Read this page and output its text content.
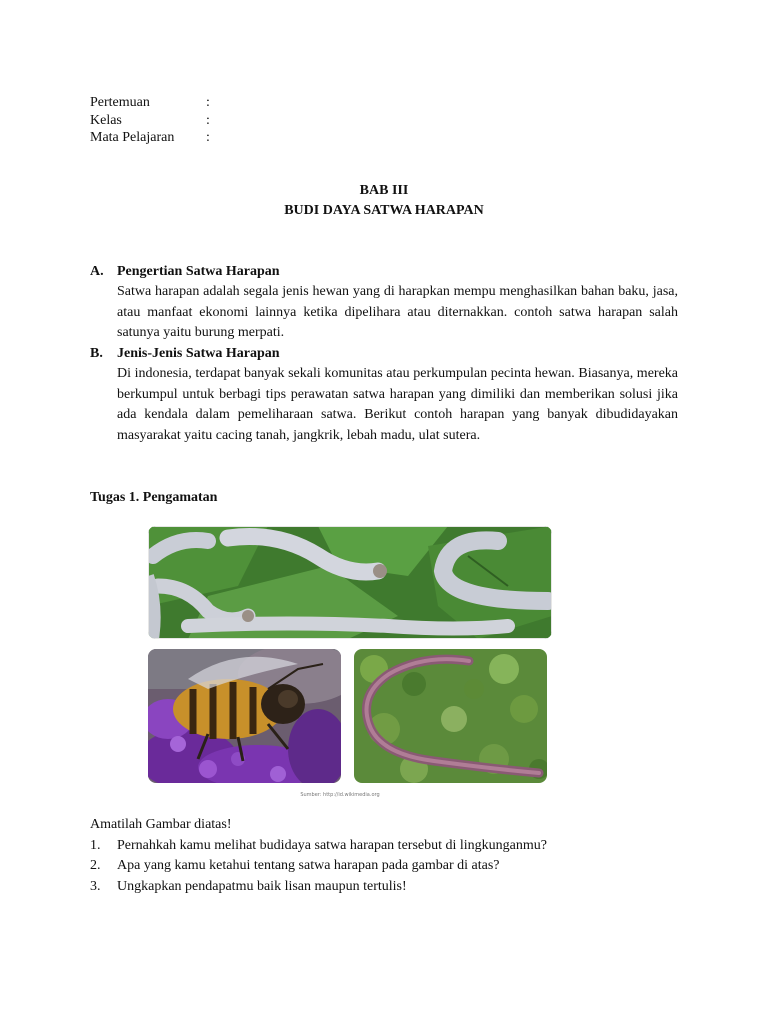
Pertemuan	:
Kelas	:
Mata Pelajaran	:
BAB III
BUDI DAYA SATWA HARAPAN
A. Pengertian Satwa Harapan
Satwa harapan adalah segala jenis hewan yang di harapkan mempu menghasilkan bahan baku, jasa, atau manfaat ekonomi lainnya ketika dipelihara atau diternakkan. contoh satwa harapan salah satunya yaitu burung merpati.
B.	Jenis-Jenis Satwa Harapan
Di indonesia, terdapat banyak sekali komunitas atau perkumpulan pecinta hewan. Biasanya, mereka berkumpul untuk berbagi tips perawatan satwa harapan yang dimiliki dan memberikan solusi jika ada kendala dalam pemeliharaan satwa. Berikut contoh harapan yang banyak dibudidayakan masyarakat yaitu cacing tanah, jangkrik, lebah madu, ulat sutera.
Tugas 1. Pengamatan
Sumber: http://id.wikimedia.org
Amatilah Gambar diatas!
1.	Pernahkah kamu melihat budidaya satwa harapan tersebut di lingkunganmu?
2.	Apa yang kamu ketahui tentang satwa harapan pada gambar di atas?
3.	Ungkapkan pendapatmu baik lisan maupun tertulis!
